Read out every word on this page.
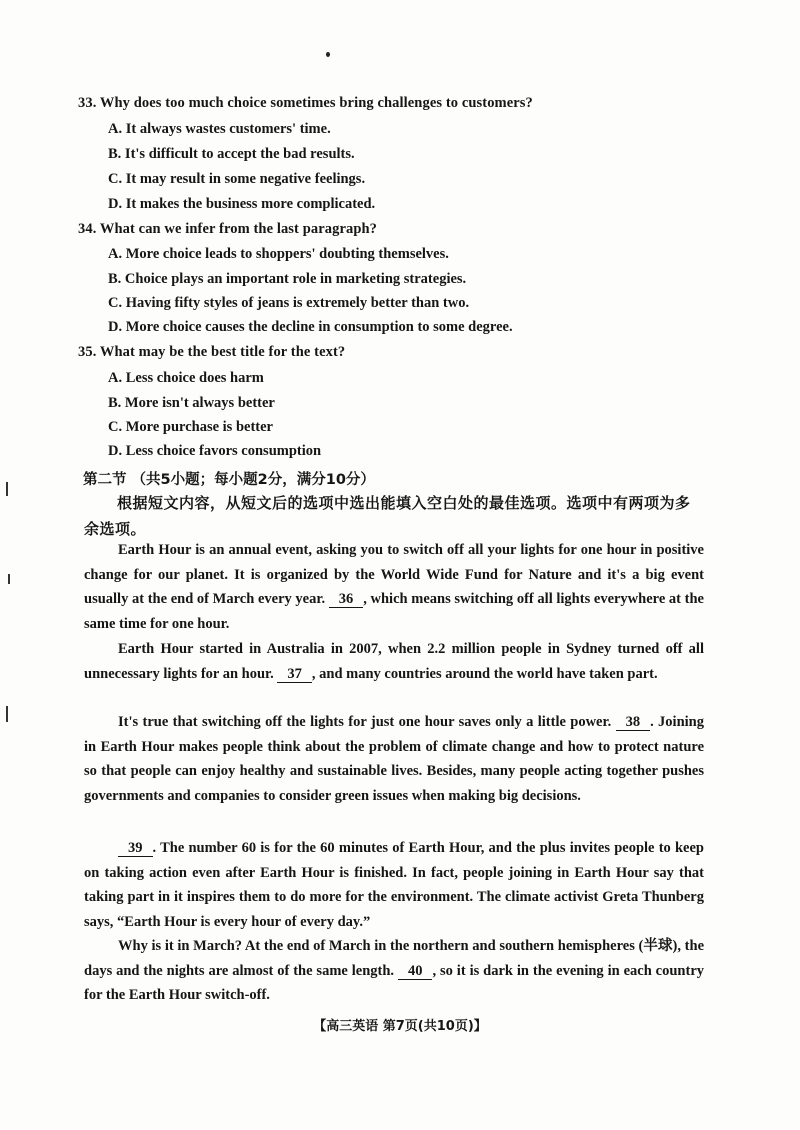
33. Why does too much choice sometimes bring challenges to customers?
A. It always wastes customers' time.
B. It's difficult to accept the bad results.
C. It may result in some negative feelings.
D. It makes the business more complicated.
34. What can we infer from the last paragraph?
A. More choice leads to shoppers' doubting themselves.
B. Choice plays an important role in marketing strategies.
C. Having fifty styles of jeans is extremely better than two.
D. More choice causes the decline in consumption to some degree.
35. What may be the best title for the text?
A. Less choice does harm
B. More isn't always better
C. More purchase is better
D. Less choice favors consumption
第二节 （共5小题；每小题2分，满分10分）
根据短文内容，从短文后的选项中选出能填入空白处的最佳选项。选项中有两项为多余选项。
Earth Hour is an annual event, asking you to switch off all your lights for one hour in positive change for our planet. It is organized by the World Wide Fund for Nature and it's a big event usually at the end of March every year. 36 , which means switching off all lights everywhere at the same time for one hour.
Earth Hour started in Australia in 2007, when 2.2 million people in Sydney turned off all unnecessary lights for an hour. 37 , and many countries around the world have taken part.
It's true that switching off the lights for just one hour saves only a little power. 38 . Joining in Earth Hour makes people think about the problem of climate change and how to protect nature so that people can enjoy healthy and sustainable lives. Besides, many people acting together pushes governments and companies to consider green issues when making big decisions.
39 . The number 60 is for the 60 minutes of Earth Hour, and the plus invites people to keep on taking action even after Earth Hour is finished. In fact, people joining in Earth Hour say that taking part in it inspires them to do more for the environment. The climate activist Greta Thunberg says, “Earth Hour is every hour of every day.”
Why is it in March? At the end of March in the northern and southern hemispheres (半球), the days and the nights are almost of the same length. 40 , so it is dark in the evening in each country for the Earth Hour switch-off.
【高三英语 第7页(共10页)】
